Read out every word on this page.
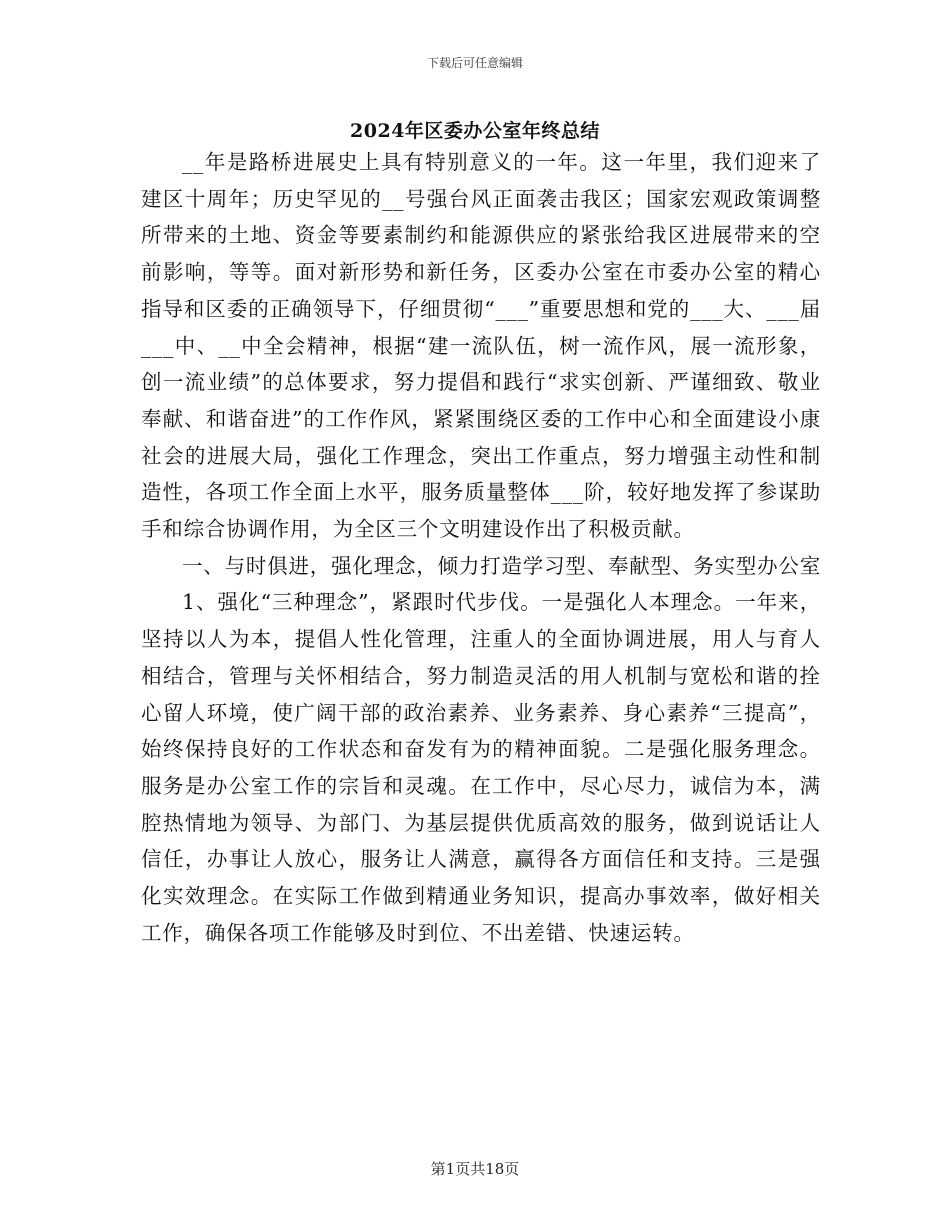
下载后可任意编辑
2024年区委办公室年终总结

__年是路桥进展史上具有特别意义的一年。这一年里，我们迎来了建区十周年；历史罕见的__号强台风正面袭击我区；国家宏观政策调整所带来的土地、资金等要素制约和能源供应的紧张给我区进展带来的空前影响，等等。面对新形势和新任务，区委办公室在市委办公室的精心指导和区委的正确领导下，仔细贯彻“___”重要思想和党的___大、___届___中、__中全会精神，根据“建一流队伍，树一流作风，展一流形象，创一流业绩”的总体要求，努力提倡和践行“求实创新、严谨细致、敬业奉献、和谐奋进”的工作作风，紧紧围绕区委的工作中心和全面建设小康社会的进展大局，强化工作理念，突出工作重点，努力增强主动性和制造性，各项工作全面上水平，服务质量整体___阶，较好地发挥了参谋助手和综合协调作用，为全区三个文明建设作出了积极贡献。

一、与时俱进，强化理念，倾力打造学习型、奉献型、务实型办公室

1、强化“三种理念”，紧跟时代步伐。一是强化人本理念。一年来，坚持以人为本，提倡人性化管理，注重人的全面协调进展，用人与育人相结合，管理与关怀相结合，努力制造灵活的用人机制与宽松和谐的拴心留人环境，使广阔干部的政治素养、业务素养、身心素养“三提高”，始终保持良好的工作状态和奋发有为的精神面貌。二是强化服务理念。服务是办公室工作的宗旨和灵魂。在工作中，尽心尽力，诚信为本，满腔热情地为领导、为部门、为基层提供优质高效的服务，做到说话让人信任，办事让人放心，服务让人满意，赢得各方面信任和支持。三是强化实效理念。在实际工作做到精通业务知识，提高办事效率，做好相关工作，确保各项工作能够及时到位、不出差错、快速运转。

第1页共18页
